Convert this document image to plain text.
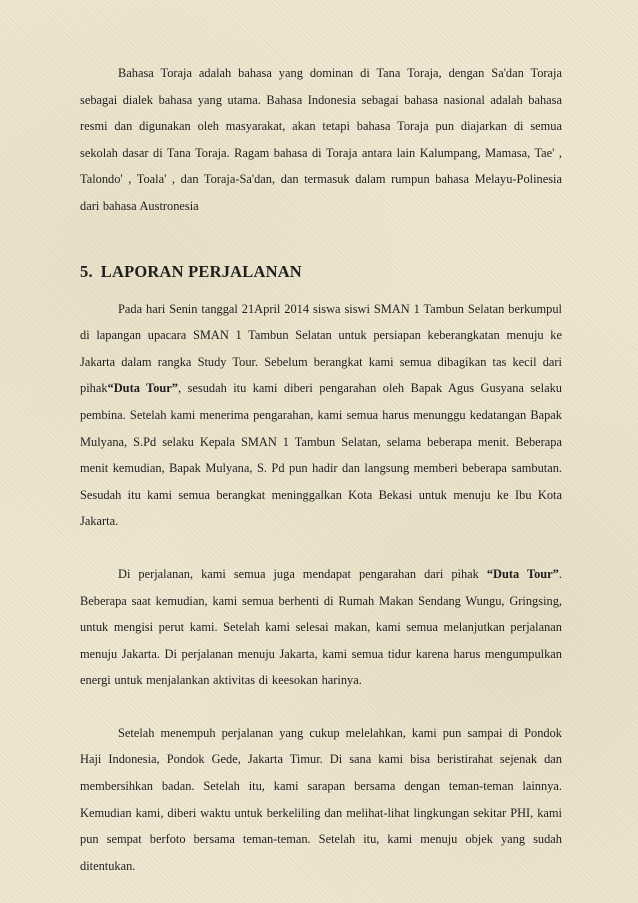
Bahasa Toraja adalah bahasa yang dominan di Tana Toraja, dengan Sa'dan Toraja sebagai dialek bahasa yang utama. Bahasa Indonesia sebagai bahasa nasional adalah bahasa resmi dan digunakan oleh masyarakat, akan tetapi bahasa Toraja pun diajarkan di semua sekolah dasar di Tana Toraja. Ragam bahasa di Toraja antara lain Kalumpang, Mamasa, Tae' , Talondo' , Toala' , dan Toraja-Sa'dan, dan termasuk dalam rumpun bahasa Melayu-Polinesia dari bahasa Austronesia

5. LAPORAN PERJALANAN

Pada hari Senin tanggal 21April 2014 siswa siswi SMAN 1 Tambun Selatan berkumpul di lapangan upacara SMAN 1 Tambun Selatan untuk persiapan keberangkatan menuju ke Jakarta dalam rangka Study Tour. Sebelum berangkat kami semua dibagikan tas kecil dari pihak“Duta Tour”, sesudah itu kami diberi pengarahan oleh Bapak Agus Gusyana selaku pembina. Setelah kami menerima pengarahan, kami semua harus menunggu kedatangan Bapak Mulyana, S.Pd selaku Kepala SMAN 1 Tambun Selatan, selama beberapa menit. Beberapa menit kemudian, Bapak Mulyana, S. Pd pun hadir dan langsung memberi beberapa sambutan. Sesudah itu kami semua berangkat meninggalkan Kota Bekasi untuk menuju ke Ibu Kota Jakarta.

Di perjalanan, kami semua juga mendapat pengarahan dari pihak “Duta Tour”. Beberapa saat kemudian, kami semua berhenti di Rumah Makan Sendang Wungu, Gringsing, untuk mengisi perut kami. Setelah kami selesai makan, kami semua melanjutkan perjalanan menuju Jakarta. Di perjalanan menuju Jakarta, kami semua tidur karena harus mengumpulkan energi untuk menjalankan aktivitas di keesokan harinya.

Setelah menempuh perjalanan yang cukup melelahkan, kami pun sampai di Pondok Haji Indonesia, Pondok Gede, Jakarta Timur. Di sana kami bisa beristirahat sejenak dan membersihkan badan. Setelah itu, kami sarapan bersama dengan teman-teman lainnya. Kemudian kami, diberi waktu untuk berkeliling dan melihat-lihat lingkungan sekitar PHI, kami pun sempat berfoto bersama teman-teman. Setelah itu, kami menuju objek yang sudah ditentukan.
